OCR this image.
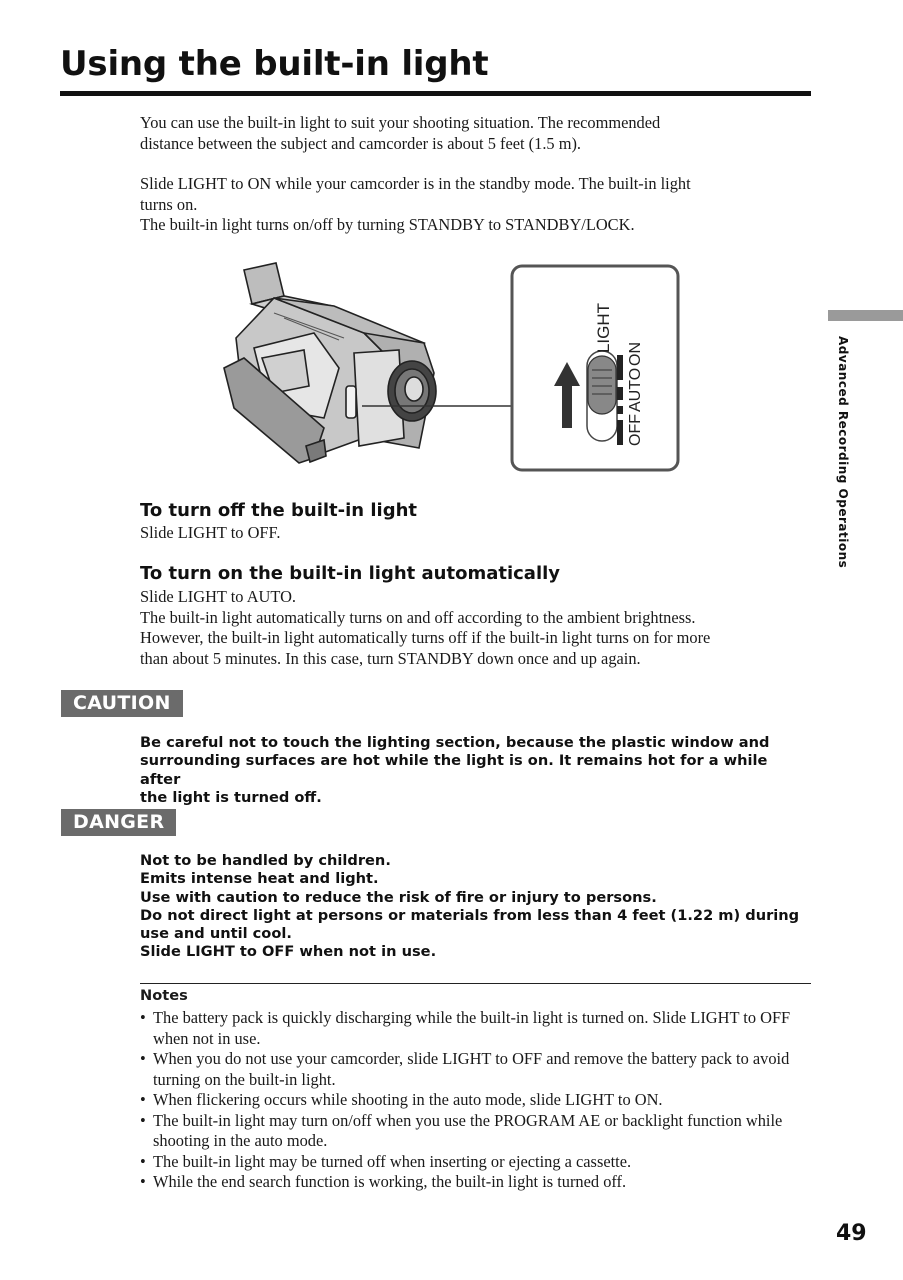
Using the built-in light

You can use the built-in light to suit your shooting situation. The recommended
distance between the subject and camcorder is about 5 feet (1.5 m).

Slide LIGHT to ON while your camcorder is in the standby mode. The built-in light
turns on.
The built-in light turns on/off by turning STANDBY to STANDBY/LOCK.

LIGHT
OFF
AUTO
ON
To turn off the built-in light

Slide LIGHT to OFF.

To turn on the built-in light automatically

Slide LIGHT to AUTO.
The built-in light automatically turns on and off according to the ambient brightness.
However, the built-in light automatically turns off if the built-in light turns on for more
than about 5 minutes. In this case, turn STANDBY down once and up again.

CAUTION

Be careful not to touch the lighting section, because the plastic window and
surrounding surfaces are hot while the light is on. It remains hot for a while after
the light is turned off.

DANGER

Not to be handled by children.
Emits intense heat and light.
Use with caution to reduce the risk of fire or injury to persons.
Do not direct light at persons or materials from less than 4 feet (1.22 m) during
use and until cool.
Slide LIGHT to OFF when not in use.

Notes
• The battery pack is quickly discharging while the built-in light is turned on. Slide LIGHT to OFF when not in use.
• When you do not use your camcorder, slide LIGHT to OFF and remove the battery pack to avoid turning on the built-in light.
• When flickering occurs while shooting in the auto mode, slide LIGHT to ON.
• The built-in light may turn on/off when you use the PROGRAM AE or backlight function while shooting in the auto mode.
• The built-in light may be turned off when inserting or ejecting a cassette.
• While the end search function is working, the built-in light is turned off.
Advanced Recording Operations
49
